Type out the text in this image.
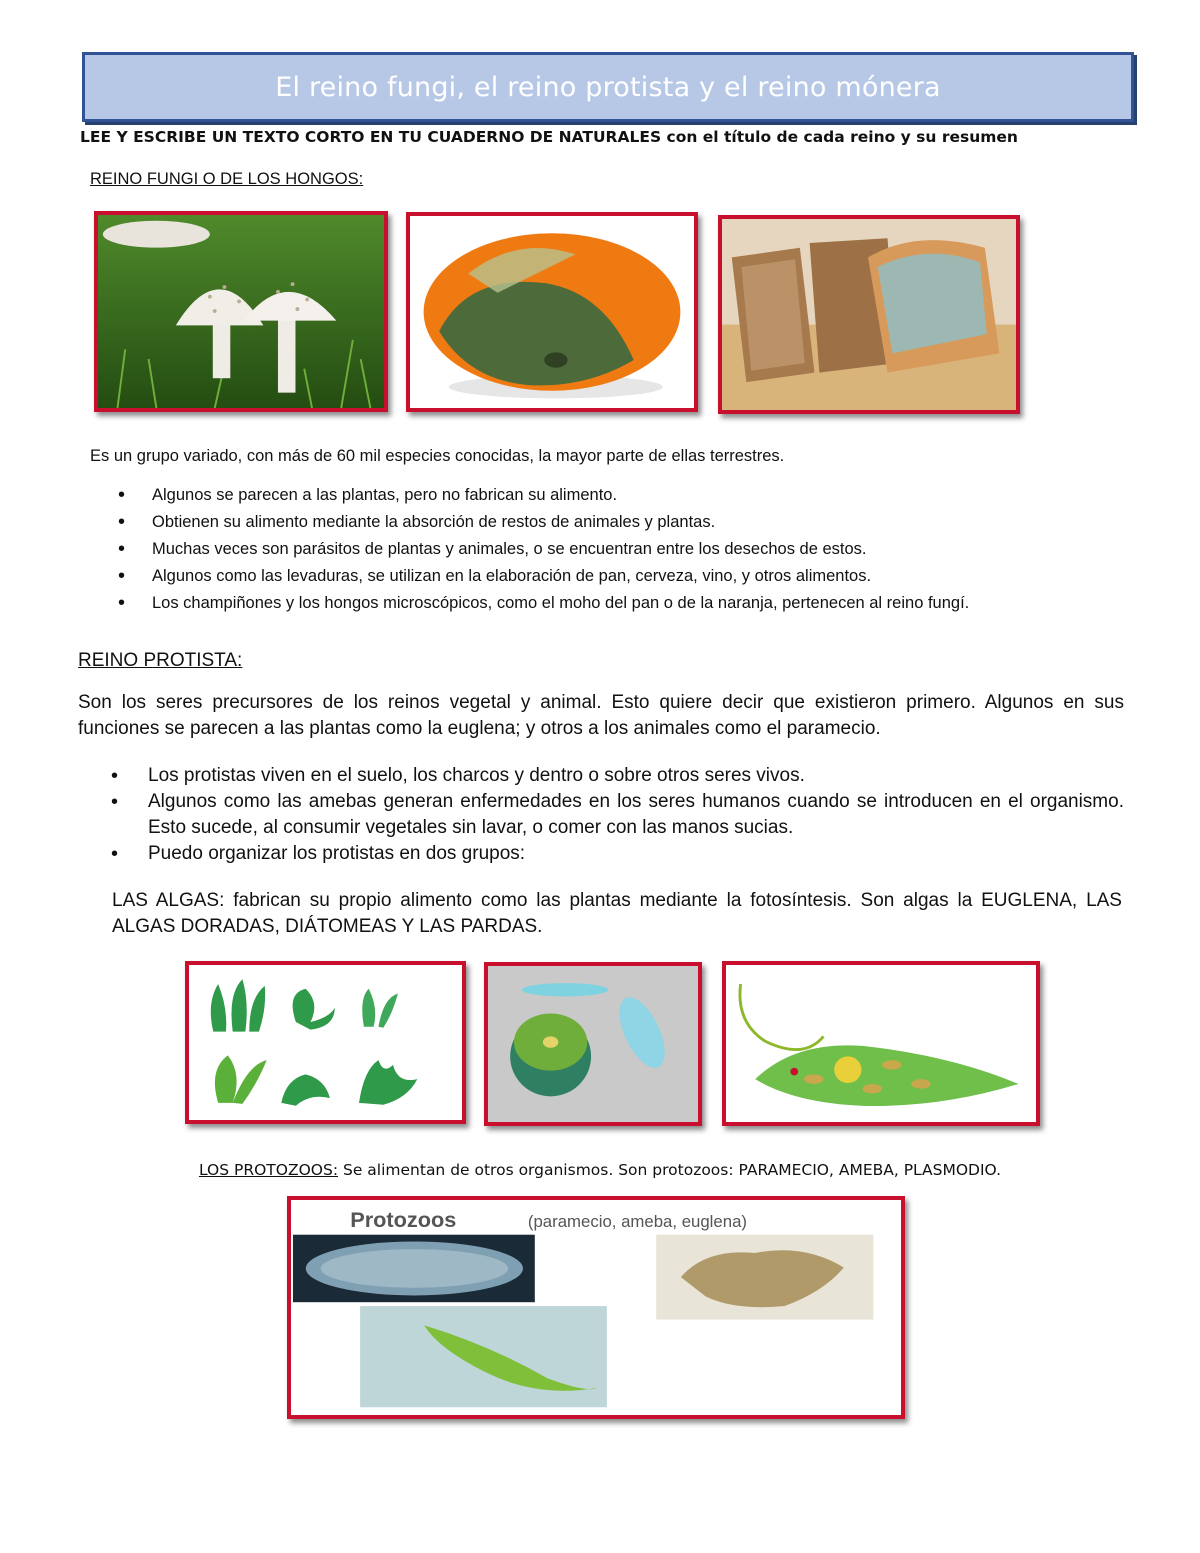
El reino fungi, el reino protista y el reino mónera
LEE Y ESCRIBE UN TEXTO CORTO EN TU CUADERNO DE NATURALES con el título de cada reino y su resumen
REINO FUNGI O DE LOS HONGOS:
Es un grupo variado, con más de 60 mil especies conocidas, la mayor parte de ellas terrestres.
• Algunos se parecen a las plantas, pero no fabrican su alimento.
• Obtienen su alimento mediante la absorción de restos de animales y plantas.
• Muchas veces son parásitos de plantas y animales, o se encuentran entre los desechos de estos.
• Algunos como las levaduras, se utilizan en la elaboración de pan, cerveza, vino, y otros alimentos.
• Los champiñones y los hongos microscópicos, como el moho del pan o de la naranja, pertenecen al reino fungí.
REINO PROTISTA:
Son los seres precursores de los reinos vegetal y animal. Esto quiere decir que existieron primero. Algunos en sus funciones se parecen a las plantas como la euglena; y otros a los animales como el paramecio.
• Los protistas viven en el suelo, los charcos y dentro o sobre otros seres vivos.
• Algunos como las amebas generan enfermedades en los seres humanos cuando se introducen en el organismo. Esto sucede, al consumir vegetales sin lavar, o comer con las manos sucias.
• Puedo organizar los protistas en dos grupos:
LAS ALGAS: fabrican su propio alimento como las plantas mediante la fotosíntesis. Son algas la EUGLENA, LAS ALGAS DORADAS, DIÁTOMEAS Y LAS PARDAS.
LOS PROTOZOOS: Se alimentan de otros organismos. Son protozoos: PARAMECIO, AMEBA, PLASMODIO.
Protozoos	(paramecio, ameba, euglena)
